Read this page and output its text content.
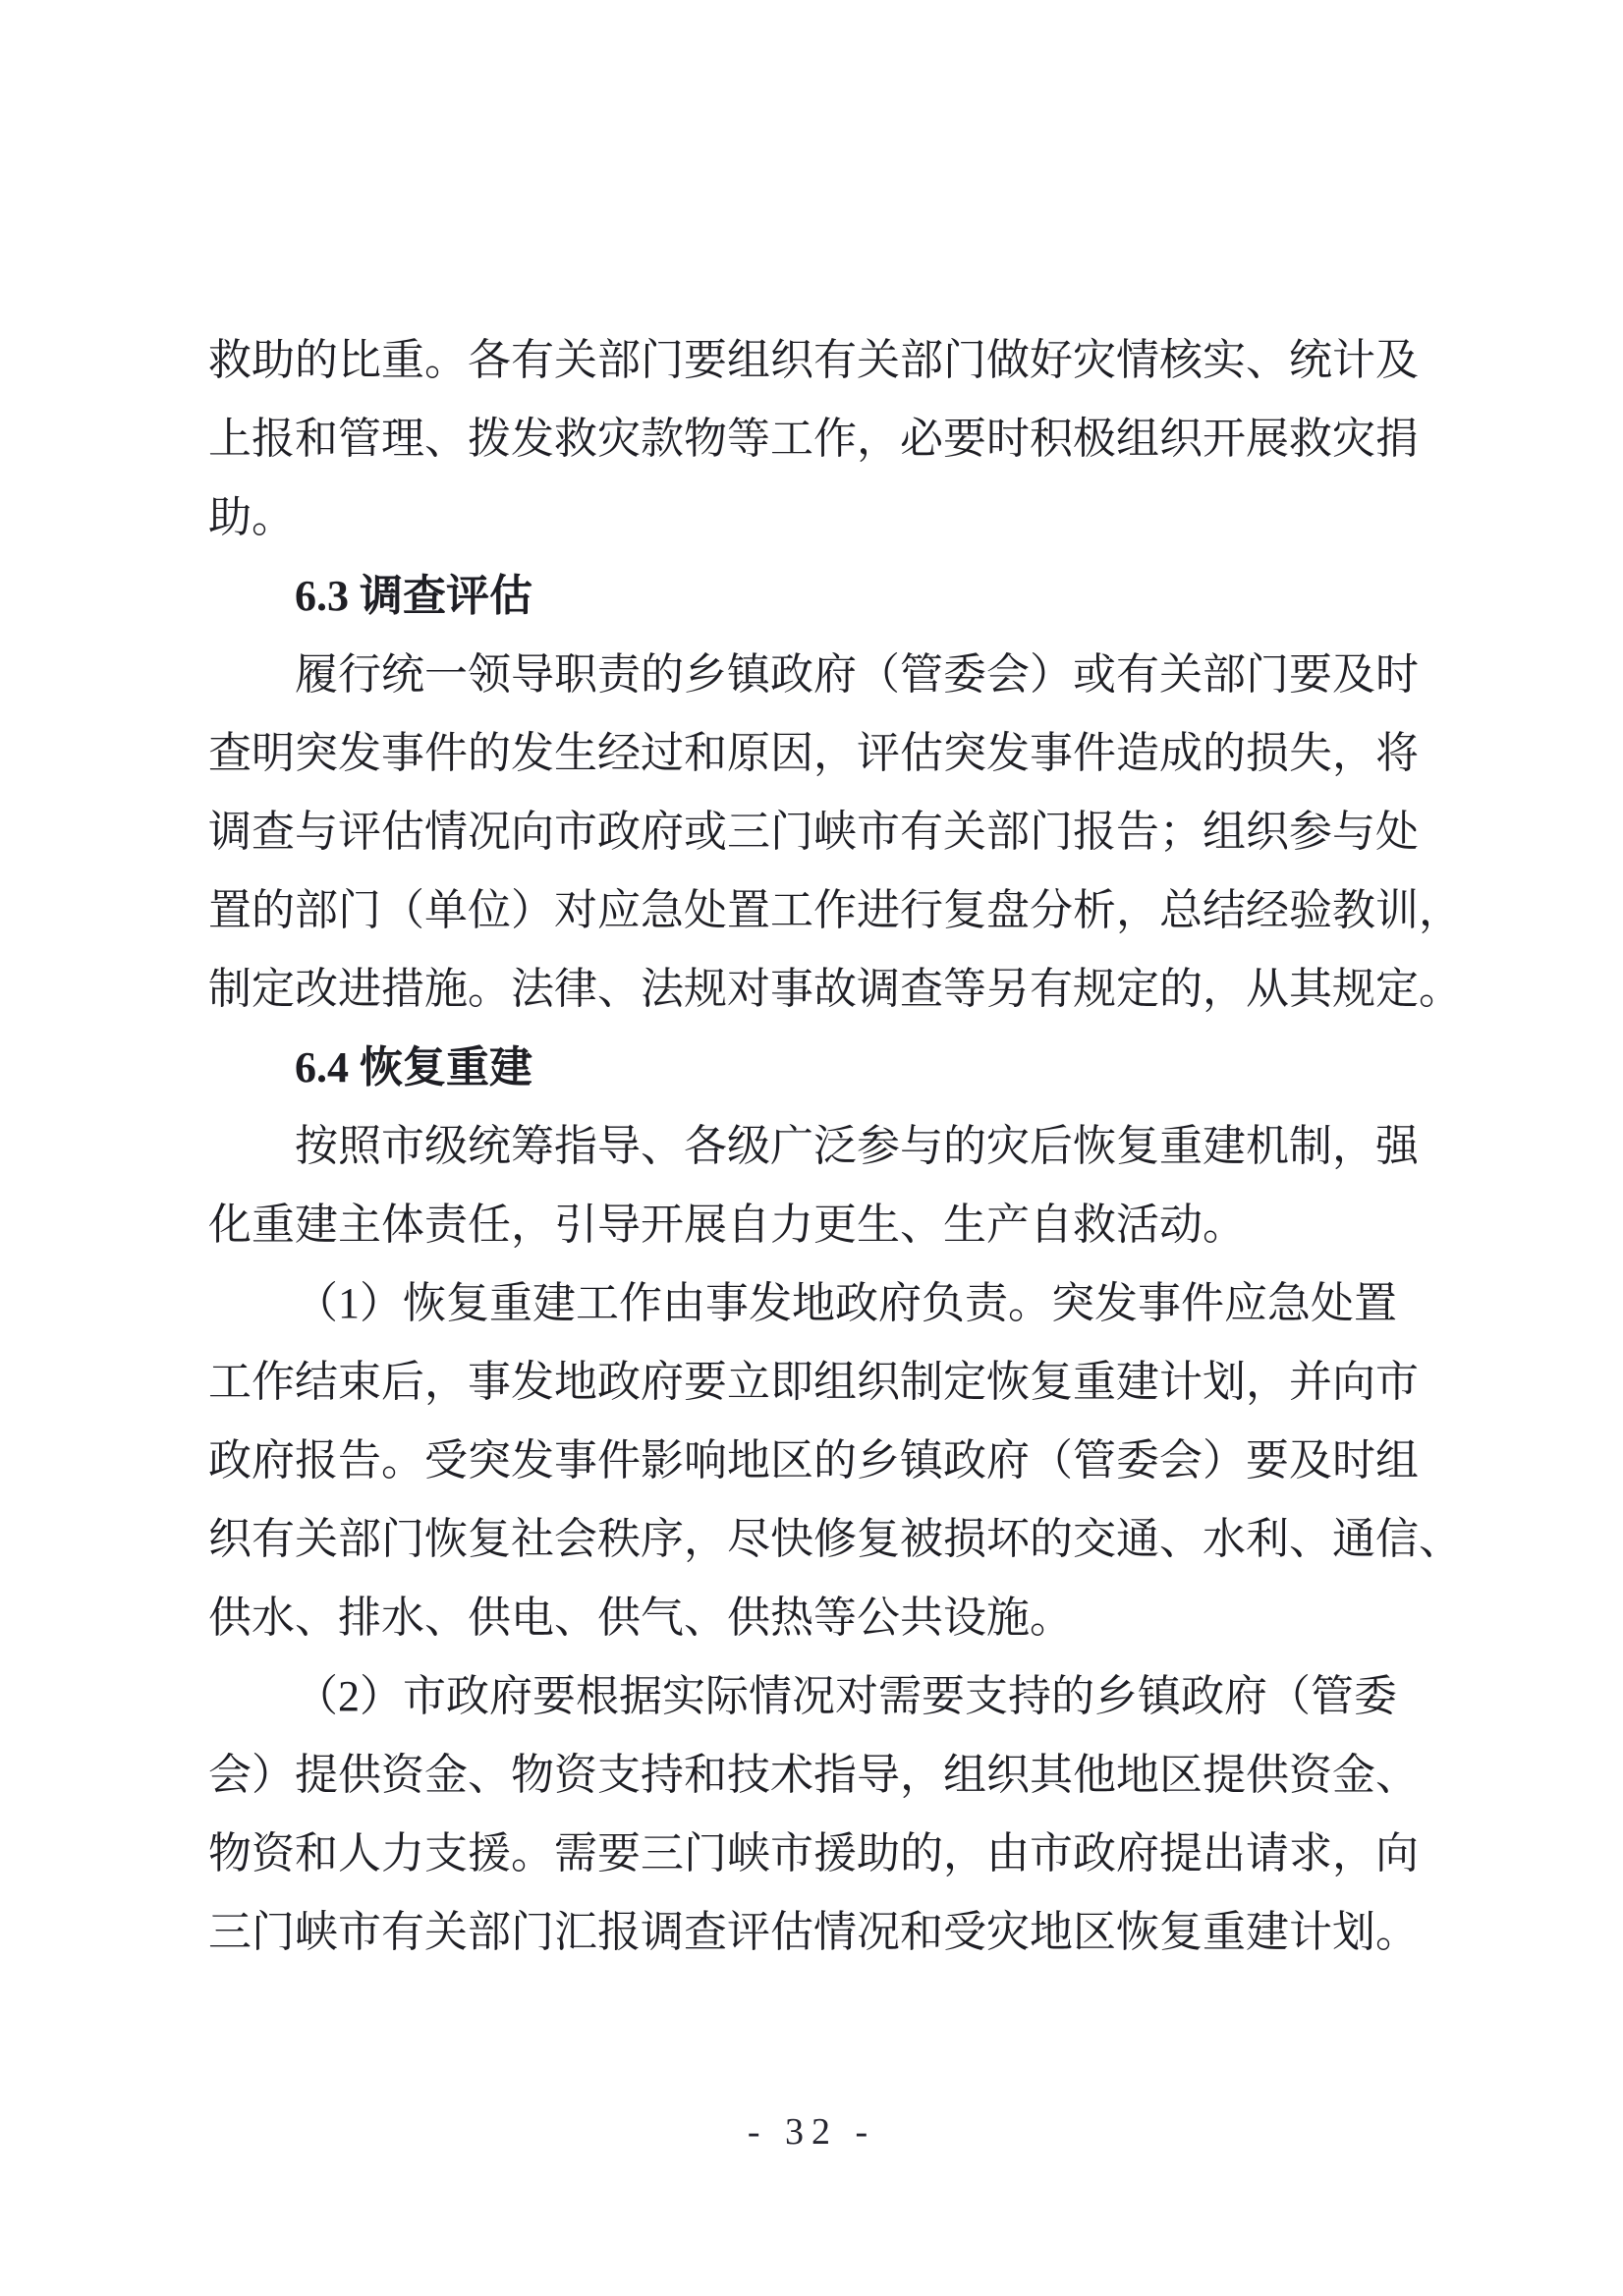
救助的比重。各有关部门要组织有关部门做好灾情核实、统计及
上报和管理、拨发救灾款物等工作，必要时积极组织开展救灾捐
助。
6.3 调查评估
履行统一领导职责的乡镇政府（管委会）或有关部门要及时
查明突发事件的发生经过和原因，评估突发事件造成的损失，将
调查与评估情况向市政府或三门峡市有关部门报告；组织参与处
置的部门（单位）对应急处置工作进行复盘分析，总结经验教训，
制定改进措施。法律、法规对事故调查等另有规定的，从其规定。
6.4 恢复重建
按照市级统筹指导、各级广泛参与的灾后恢复重建机制，强
化重建主体责任，引导开展自力更生、生产自救活动。
（1）恢复重建工作由事发地政府负责。突发事件应急处置
工作结束后，事发地政府要立即组织制定恢复重建计划，并向市
政府报告。受突发事件影响地区的乡镇政府（管委会）要及时组
织有关部门恢复社会秩序，尽快修复被损坏的交通、水利、通信、
供水、排水、供电、供气、供热等公共设施。
（2）市政府要根据实际情况对需要支持的乡镇政府（管委
会）提供资金、物资支持和技术指导，组织其他地区提供资金、
物资和人力支援。需要三门峡市援助的，由市政府提出请求，向
三门峡市有关部门汇报调查评估情况和受灾地区恢复重建计划。
- 32 -
